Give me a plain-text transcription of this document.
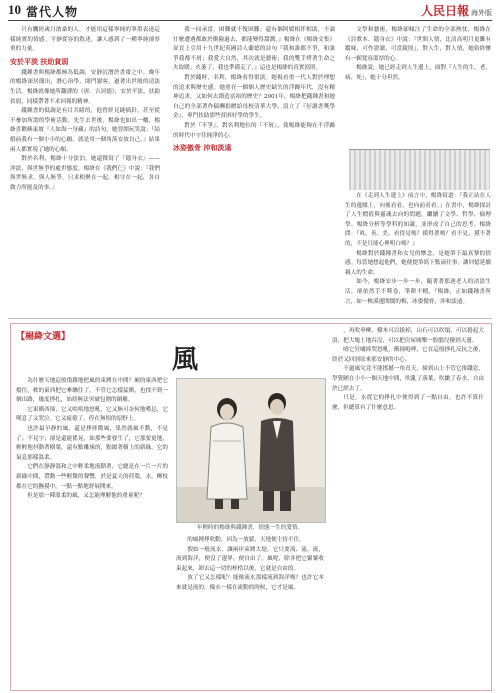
10 當代人物	人民日報 海外版

只有饑經歲月滄桑的人，才能用這樣寧純的筆墨表達這樣純實的情感。平靜從容的敘述，讓人感到了一種寧純卻厚重的力量。

安於平淡 扶助貧弱

錢鍾書與楊絳都極為低調，安靜沉潛於書齋之中。晚年的楊絳深居簡出，潛心治學，閉門謝客，過著出世般的清淡生活。楊絳就像她所翻譯的《唐．吉訶德》，安於平淡，扶助貧弱，同樣帶著不求回報的精神。

錢鍾書的低調是有目共睹的，他曾經見縫插針，甚至從不參加所謂的學術活動。先生去世後，楊絳也如出一轍，楊絳喜歡蘇東坡『人如海一身藏』的詩句，她曾開玩笑說：『結婚前我有一個小小的心願，就是用一個角落安放自己。』結果兩人都實現了她的心願。

對於名利，楊絳十分淡泊，她還撰寫了『隱身衣』——沖淡，與世無爭的處世態度。楊絳在《我們仨》中說：『我們與世無求，與人無爭，只求相聚在一起，相守在一起，各自做力所能及的事。』

我一同承當，困難就不復困難；還有個阿媛相伴相助，不論什麼遭遇都敢於衝險過去，都能變得甜潤。』楊絳在《楊絳文集》扉頁上引用十九世紀英國詩人蘭德的詩句『我和誰都不爭，和誰爭我都不屑；我愛大自然，其次就是藝術；我的雙手烤著生命之火取暖；火萎了，我也準備走了。』這也是楊絳的真實寫照。

對於錢財，名利，楊絳看得很淡。她視看重一代人對於理想的追求與歷史感。她重在一個個人歷史缺失的浮躁年代，沒有精神追求，又如何去創造富裕的歷史？2001年，楊絳把錢鍾書和她自己的全部著作稿酬捐贈給母校清華大學，設立了『好讀書獎學金』，專門扶助那些貧困好學的學生。

對於『不爭』，對名利地位的『不屑』，使楊絳能夠在不浮躁的時代中守住純淨的心。

冰姿傲骨 沖和淡遠

文學和藝術，楊絳卻傾注了生命的全部熱忱，楊絳在《詩歌本．隱身衣》中說：『世間人情，比清高明月更難有蹤味，可作證讀，可當鏡照』，對人生，對人情，她始終懷有一顆寬容溫厚的心。

楊絳說，她已經走到人生邊上，面對『人生的生、老、病、死』，她十分坦然。

在《走到人生邊上》前言中，楊絳寫道：『我正站在人生的邊緣上，向後看看，也向前看看。』在書中，楊絳探討了人生價值與靈魂去向的問題，繼續了文學、哲學、倫理學、楊絳分析等學科的知識，並形成了自己的思考。楊絳問：『眞、善、美，看得見嗎？摸得著嗎？看不見，摸不著的，不是只能心裡明白嗎？』

楊絳對於錢鍾書和女兒的懷念，是她筆下最真摯的情感。每當她想起他們，她便提筆寫下點滴往事，讓回憶延續親人的生命。

如今，楊絳安步一步一步，隨著著那逐老人的清淡生活，卻依然手不釋卷，筆耕不輟，『楊絳，正如錢鍾書所言，如一株溪邊開闊的梅，冰姿傲骨，沖和淡遠。

【楊絳文選】
風

為什麼天地這般復雜地把風的束縛在中間？硬的東西把它擋住，軟的東西把它牽纏住了。不管它怎樣猛衝，也找不到一個出路，幾度掙扎，始終無法突破包圍的網羅。

它東衝西撞，它又嗚嗚地怒吼，它又無可奈何地嘆息，它嘆息了又哭泣。它又疲倦了，停在無垠的原野上。

也許最早靜的風，還是掙摔微風，果然就風不動，不見了；不見字；卻是還能搖晃，如那些要發生了，它那要更地，輕輕地抖動著樹葉，還有點雕琢的，點綴著樹上的新綠，它的氣息那樣溫柔。

它們在靜靜溫和之中輕柔地流動著，它總是在一片一片的新綠中間，帶動一些輕微的聲響，於是夏天的荷葉，水，柳枝都在它的撫摸中，一點一點地舒展開來。

但是那一陣溫柔的風，又怎能理解他的重量呢？

年輕時的楊絳與錢鍾書，情態一生的愛情。

的風搏掙吹動。因為一放鬆，天地便主持不住。

假如一般流水，讓兩岸束縛大堤，它只要流、流、流，流到海洋，便沒了邊界，便自由了。風呢，除非把它緊緊收束起來，卸去這一切的桎梏以後，它就是自由的。

放了它又怎樣呢？能像流水那樣流到海洋嗎？也許它本來就是流的，像水一樣在流動的時候，它才是風。

，再吹垂柳，樹木可以拔掉，山石可以吹塌，可以捲起大浪，把大塊土地吞沒，可以把房屋城樂一股腦兒撥到天邊。

晴它狂嘯捧哭怒吼，衝撞咆哮，它在這般掙扎反抗之後，終於又回到原來那安靜的中心。

不過風究竟不能搖撼一角青天，撞到山上不管它推錢窓，學覺陋在小小一個天地中間，吹亂了落葉，吹皺了春水，自由於已經去了。

只是，水從它的掙扎中便得到了一點自由，也許不算什麼，但總算有了什麼意思。
